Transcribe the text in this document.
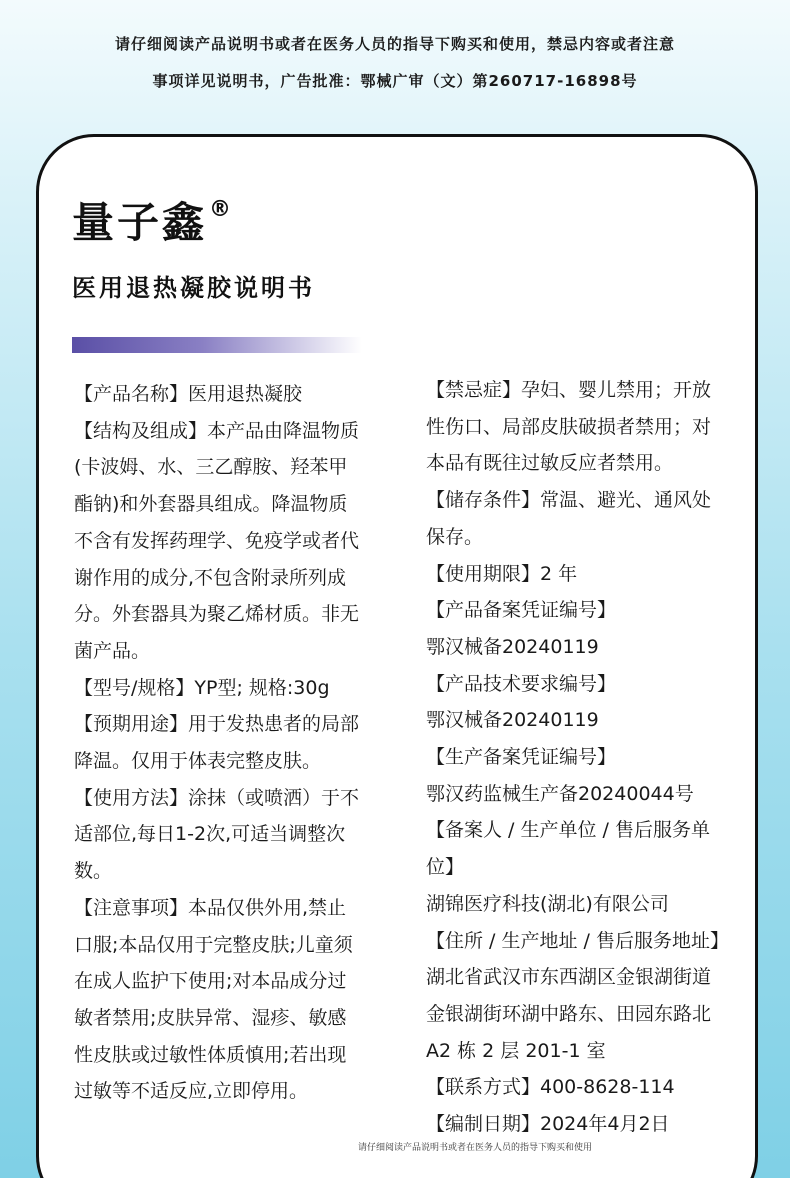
请仔细阅读产品说明书或者在医务人员的指导下购买和使用，禁忌内容或者注意
事项详见说明书，广告批准：鄂械广审（文）第260717-16898号
量子鑫®
医用退热凝胶说明书

【产品名称】医用退热凝胶

【结构及组成】本产品由降温物质(卡波姆、水、三乙醇胺、羟苯甲酯钠)和外套器具组成。降温物质不含有发挥药理学、免疫学或者代谢作用的成分,不包含附录所列成分。外套器具为聚乙烯材质。非无菌产品。

【型号/规格】YP型; 规格:30g

【预期用途】用于发热患者的局部降温。仅用于体表完整皮肤。

【使用方法】涂抹（或喷洒）于不适部位,每日1-2次,可适当调整次数。

【注意事项】本品仅供外用,禁止口服;本品仅用于完整皮肤;儿童须在成人监护下使用;对本品成分过敏者禁用;皮肤异常、湿疹、敏感性皮肤或过敏性体质慎用;若出现过敏等不适反应,立即停用。

【禁忌症】孕妇、婴儿禁用；开放性伤口、局部皮肤破损者禁用；对本品有既往过敏反应者禁用。

【储存条件】常温、避光、通风处保存。

【使用期限】2 年

【产品备案凭证编号】

鄂汉械备20240119

【产品技术要求编号】

鄂汉械备20240119

【生产备案凭证编号】

鄂汉药监械生产备20240044号

【备案人 / 生产单位 / 售后服务单位】

湖锦医疗科技(湖北)有限公司

【住所 / 生产地址 / 售后服务地址】

湖北省武汉市东西湖区金银湖街道金银湖街环湖中路东、田园东路北 A2 栋 2 层 201-1 室

【联系方式】400-8628-114

【编制日期】2024年4月2日

请仔细阅读产品说明书或者在医务人员的指导下购买和使用
